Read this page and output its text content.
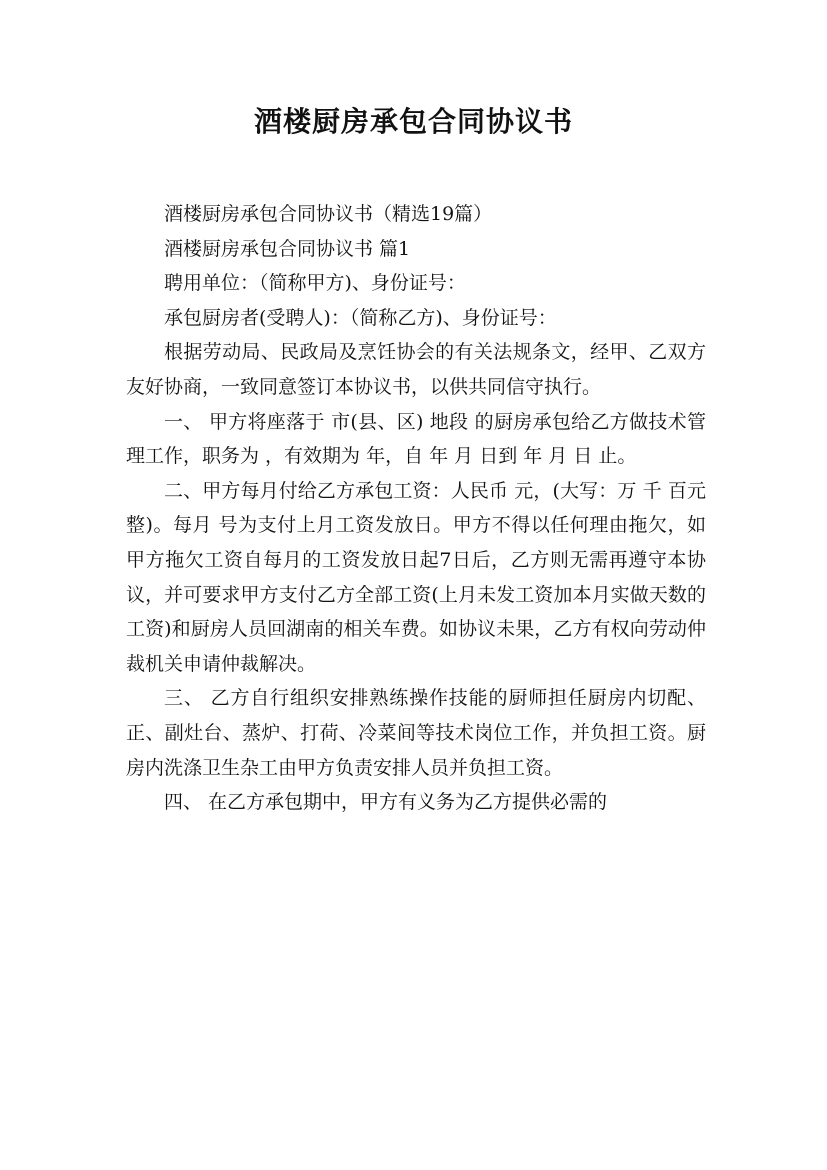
酒楼厨房承包合同协议书

酒楼厨房承包合同协议书（精选19篇）

酒楼厨房承包合同协议书 篇1

聘用单位：（简称甲方)、身份证号：

承包厨房者(受聘人)：（简称乙方)、身份证号：

根据劳动局、民政局及烹饪协会的有关法规条文，经甲、乙双方友好协商，一致同意签订本协议书，以供共同信守执行。

一、 甲方将座落于 市(县、区) 地段 的厨房承包给乙方做技术管理工作，职务为 ，有效期为 年，自 年 月 日到 年 月 日 止。

二、甲方每月付给乙方承包工资：人民币 元，(大写：万 千 百元整)。每月 号为支付上月工资发放日。甲方不得以任何理由拖欠，如甲方拖欠工资自每月的工资发放日起7日后，乙方则无需再遵守本协议，并可要求甲方支付乙方全部工资(上月未发工资加本月实做天数的工资)和厨房人员回湖南的相关车费。如协议未果，乙方有权向劳动仲裁机关申请仲裁解决。

三、 乙方自行组织安排熟练操作技能的厨师担任厨房内切配、正、副灶台、蒸炉、打荷、冷菜间等技术岗位工作，并负担工资。厨房内洗涤卫生杂工由甲方负责安排人员并负担工资。

四、 在乙方承包期中，甲方有义务为乙方提供必需的
